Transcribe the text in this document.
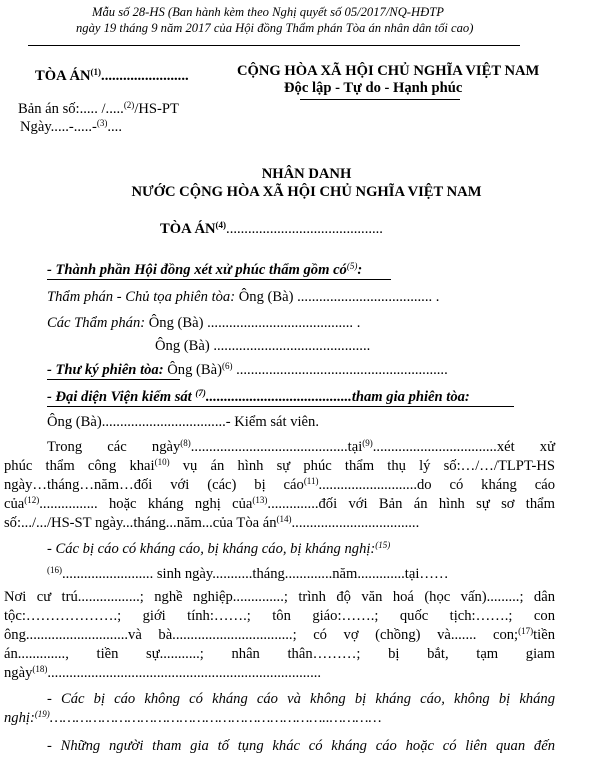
Mẫu số 28-HS (Ban hành kèm theo Nghị quyết số 05/2017/NQ-HĐTP
ngày 19 tháng 9 năm 2017 của Hội đồng Thẩm phán Tòa án nhân dân tối cao)
TÒA ÁN$^{(1)}$........................
Bản án số:..... /.....$^{(2)}$/HS-PT
Ngày.....-.....-$^{(3)}$....
CỘNG HÒA XÃ HỘI CHỦ NGHĨA VIỆT NAM
Độc lập - Tự do - Hạnh phúc
NHÂN DANH
NƯỚC CỘNG HÒA XÃ HỘI CHỦ NGHĨA VIỆT NAM
TÒA ÁN$^{(4)}$...........................................
- Thành phần Hội đồng xét xử phúc thẩm gồm $có^{(5)}$:
Thẩm phán - Chủ tọa phiên tòa: Ông (Bà) ..................................... .
Các Thẩm phán: Ông (Bà) ........................................ .
Ông (Bà) ...........................................
- Thư ký phiên tòa: Ông (Bà)$^{(6)}$ ..........................................................
- Đại diện Viện kiểm sát $^{(7)}$........................................tham gia phiên tòa:
Ông (Bà)..................................- Kiểm sát viên.
Trong các ngày$^{(8)}$...........................................tại$^{(9)}$..................................xét xử
phúc thẩm công khai$^{(10)}$ vụ án hình sự phúc thẩm thụ lý số:…/…/TLPT-HS
ngày…tháng…năm…đối với (các) bị cáo$^{(11)}$...........................do có kháng cáo
của$^{(12)}$................ hoặc kháng nghị của$^{(13)}$..............đối với Bản án hình sự sơ thẩm
số:.../.../HS-ST ngày...tháng...năm...của Tòa $án^{(14)}$...................................
- Các bị cáo có kháng cáo, bị kháng cáo, bị kháng nghị:$^{(15)}$
$^{(16)}$......................... sinh ngày...........tháng.............năm.............tại……
Nơi cư trú.................; nghề nghiệp..............; trình độ văn hoá (học vấn).........; dân
tộc:……………….; giới tính:…….; tôn giáo:…….; quốc tịch:…….; con
ông............................và bà.................................; có vợ (chồng) và....... con;$^{(17)}$tiền
án............., tiền sự...........; nhân thân………; bị bắt, tạm giam
ngày$^{(18)}$...........................................................................
- Các bị cáo không có kháng cáo và không bị kháng cáo, không bị kháng
nghị:$^{(19)}$………………………………………………………..…………
- Những người tham gia tố tụng khác có kháng cáo hoặc có liên quan đến
